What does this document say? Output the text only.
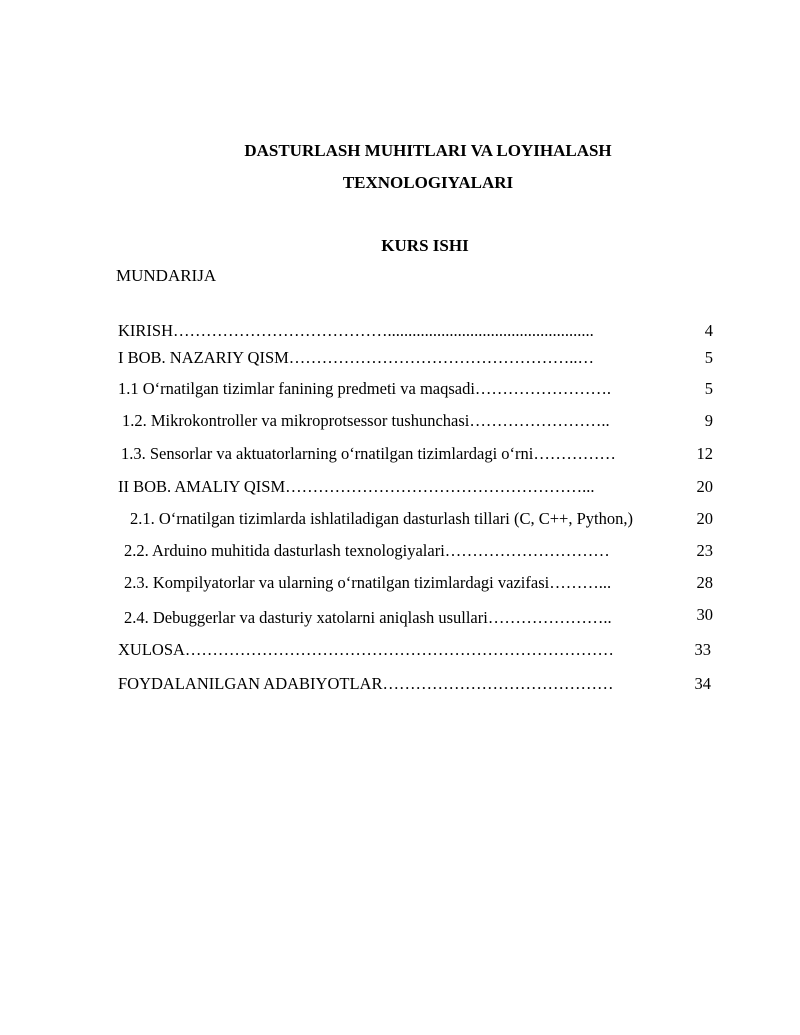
DASTURLASH MUHITLARI VA LOYIHALASH
TEXNOLOGIYALARI
KURS ISHI
MUNDARIJA
KIRISH…………………………………..................................................	4
I BOB. NAZARIY QISM……………………………………………..…	5
1.1 O‘rnatilgan tizimlar fanining predmeti va maqsadi…………………….	5
1.2. Mikrokontroller va mikroprotsessor tushunchasi……………………..	9
1.3. Sensorlar va aktuatorlarning o‘rnatilgan tizimlardagi o‘rni……………	12
II BOB. AMALIY QISM………………………………………………...	20
2.1. O‘rnatilgan tizimlarda ishlatiladigan dasturlash tillari (C, C++, Python,)	20
2.2. Arduino muhitida dasturlash texnologiyalari…………………………	23
2.3. Kompilyatorlar va ularning o‘rnatilgan tizimlardagi vazifasi………...	28
2.4. Debuggerlar va dasturiy xatolarni aniqlash usullari…………………..	30
XULOSA……………………………………………………………………	33
FOYDALANILGAN ADABIYOTLAR……………………………………	34
